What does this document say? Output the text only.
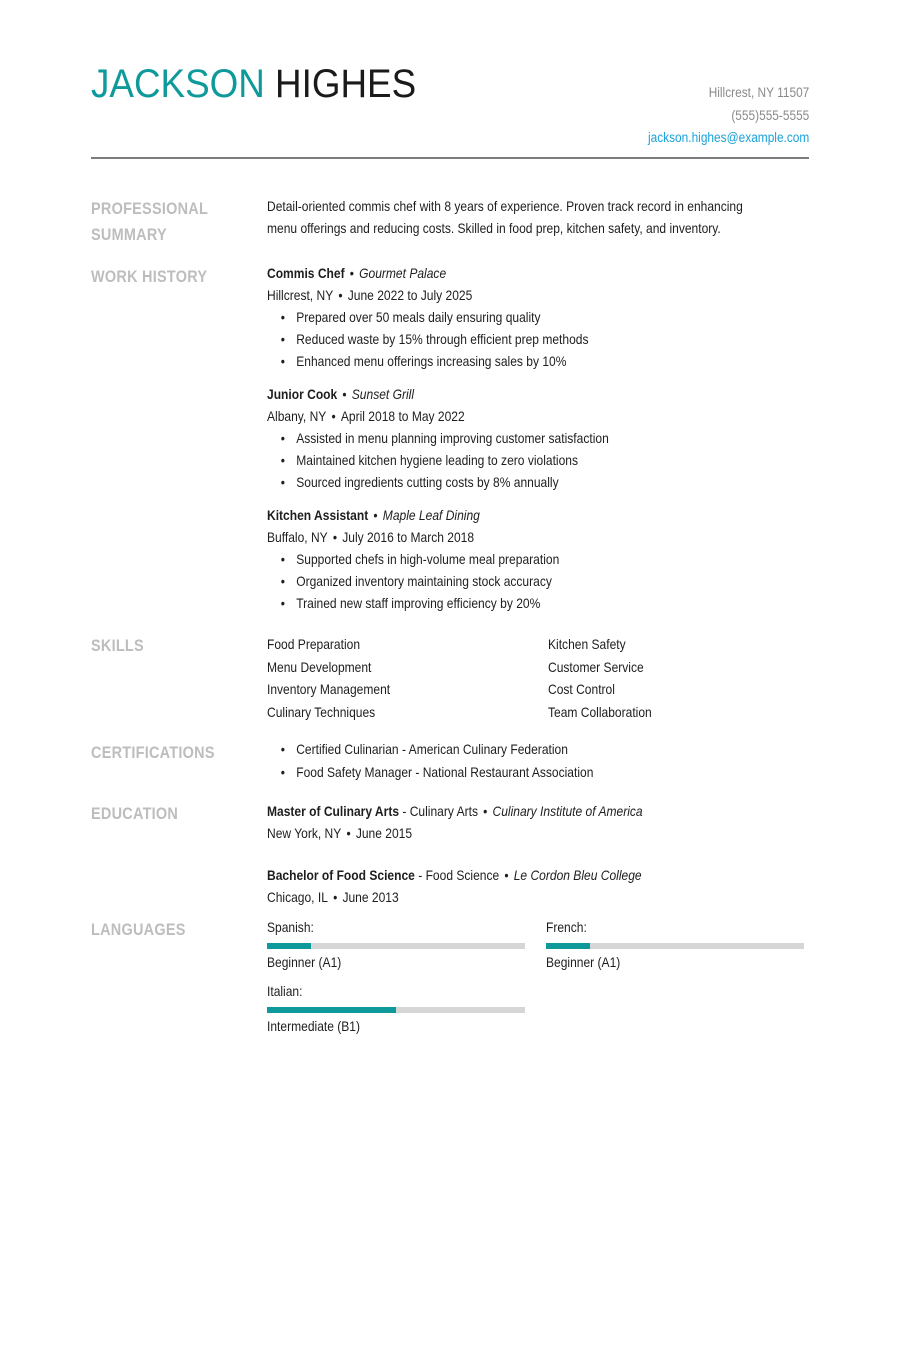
JACKSON HIGHES	Hillcrest, NY 11507
(555)555-5555
jackson.highes@example.com
PROFESSIONAL
SUMMARY
Detail-oriented commis chef with 8 years of experience. Proven track record in enhancing
menu offerings and reducing costs. Skilled in food prep, kitchen safety, and inventory.
WORK HISTORY	Commis Chef • Gourmet Palace
Hillcrest, NY • June 2022 to July 2025
• Prepared over 50 meals daily ensuring quality
• Reduced waste by 15% through efficient prep methods
• Enhanced menu offerings increasing sales by 10%
Junior Cook • Sunset Grill
Albany, NY • April 2018 to May 2022
• Assisted in menu planning improving customer satisfaction
• Maintained kitchen hygiene leading to zero violations
• Sourced ingredients cutting costs by 8% annually
Kitchen Assistant • Maple Leaf Dining
Buffalo, NY • July 2016 to March 2018
• Supported chefs in high-volume meal preparation
• Organized inventory maintaining stock accuracy
• Trained new staff improving efficiency by 20%
SKILLS	Food Preparation	Kitchen Safety
Menu Development	Customer Service
Inventory Management	Cost Control
Culinary Techniques	Team Collaboration
CERTIFICATIONS	• Certified Culinarian - American Culinary Federation
• Food Safety Manager - National Restaurant Association
EDUCATION	Master of Culinary Arts - Culinary Arts • Culinary Institute of America
New York, NY • June 2015
Bachelor of Food Science - Food Science • Le Cordon Bleu College
Chicago, IL • June 2013
LANGUAGES	Spanish:
Beginner (A1)
French:
Beginner (A1)
Italian:
Intermediate (B1)
